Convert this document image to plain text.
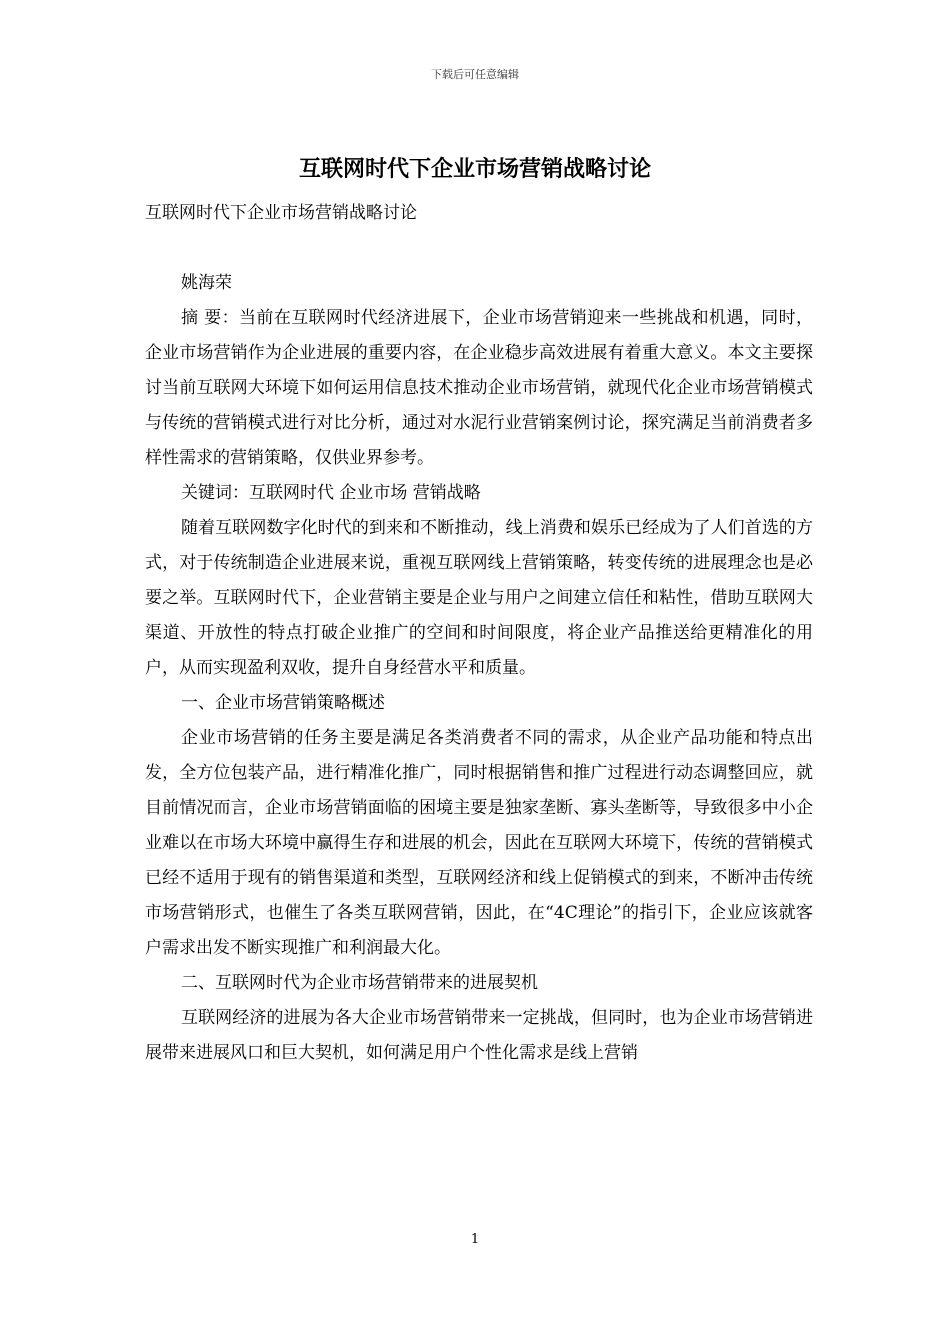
下载后可任意编辑
互联网时代下企业市场营销战略讨论

互联网时代下企业市场营销战略讨论

姚海荣

摘 要：当前在互联网时代经济进展下，企业市场营销迎来一些挑战和机遇，同时，企业市场营销作为企业进展的重要内容，在企业稳步高效进展有着重大意义。本文主要探讨当前互联网大环境下如何运用信息技术推动企业市场营销，就现代化企业市场营销模式与传统的营销模式进行对比分析，通过对水泥行业营销案例讨论，探究满足当前消费者多样性需求的营销策略，仅供业界参考。

关键词：互联网时代 企业市场 营销战略

随着互联网数字化时代的到来和不断推动，线上消费和娱乐已经成为了人们首选的方式，对于传统制造企业进展来说，重视互联网线上营销策略，转变传统的进展理念也是必要之举。互联网时代下，企业营销主要是企业与用户之间建立信任和粘性，借助互联网大渠道、开放性的特点打破企业推广的空间和时间限度，将企业产品推送给更精准化的用户，从而实现盈利双收，提升自身经营水平和质量。

一、企业市场营销策略概述

企业市场营销的任务主要是满足各类消费者不同的需求，从企业产品功能和特点出发，全方位包装产品，进行精准化推广，同时根据销售和推广过程进行动态调整回应，就目前情况而言，企业市场营销面临的困境主要是独家垄断、寡头垄断等，导致很多中小企业难以在市场大环境中赢得生存和进展的机会，因此在互联网大环境下，传统的营销模式已经不适用于现有的销售渠道和类型，互联网经济和线上促销模式的到来，不断冲击传统市场营销形式，也催生了各类互联网营销，因此，在“4C理论”的指引下，企业应该就客户需求出发不断实现推广和利润最大化。

二、互联网时代为企业市场营销带来的进展契机

互联网经济的进展为各大企业市场营销带来一定挑战，但同时，也为企业市场营销进展带来进展风口和巨大契机，如何满足用户个性化需求是线上营销

1
